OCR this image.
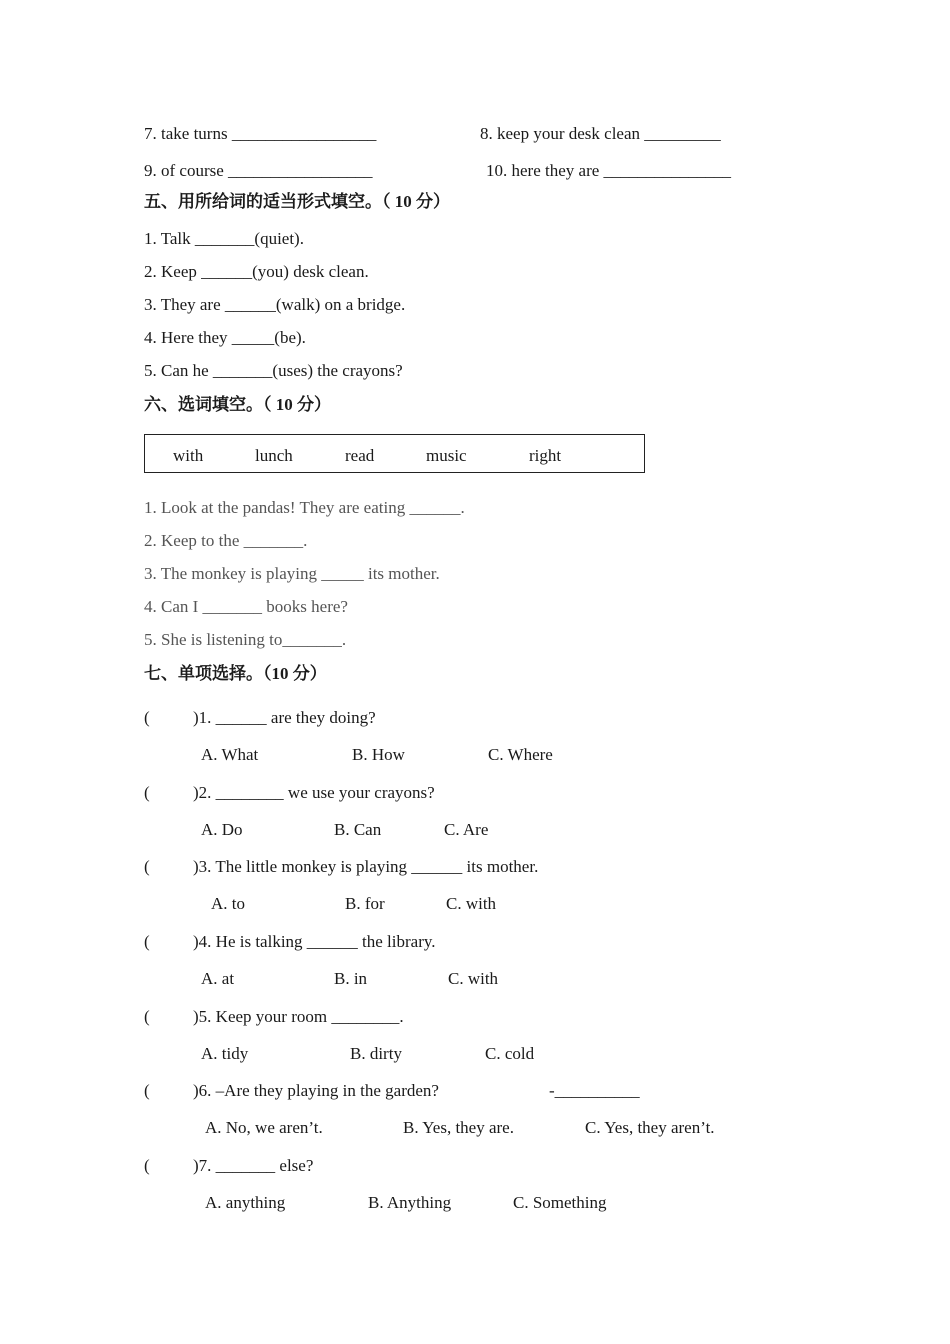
7. take turns _________________	8. keep your desk clean _________
9. of course _________________	10. here they are _______________
五、用所给词的适当形式填空。（ 10 分）
1. Talk _______(quiet).
2. Keep ______(you) desk clean.
3. They are ______(walk) on a bridge.
4. Here they _____(be).
5. Can he _______(uses) the crayons?
六、选词填空。（ 10 分）
with	lunch	read	music	right
1. Look at the pandas! They are eating ______.
2. Keep to the _______.
3. The monkey is playing _____ its mother.
4. Can I _______ books here?
5. She is listening to_______.
七、单项选择。（10 分）
(	)1. ______ are they doing?
A. What	B. How	C. Where
(	)2. ________ we use your crayons?
A. Do	B. Can	C. Are
(	)3. The little monkey is playing ______ its mother.
A. to	B. for	C. with
(	)4. He is talking ______ the library.
A. at	B. in	C. with
(	)5. Keep your room ________.
A. tidy	B. dirty	C. cold
(	)6. –Are they playing in the garden?	-__________
A. No, we aren’t.	B. Yes, they are.	C. Yes, they aren’t.
(	)7. _______ else?
A. anything	B. Anything	C. Something
